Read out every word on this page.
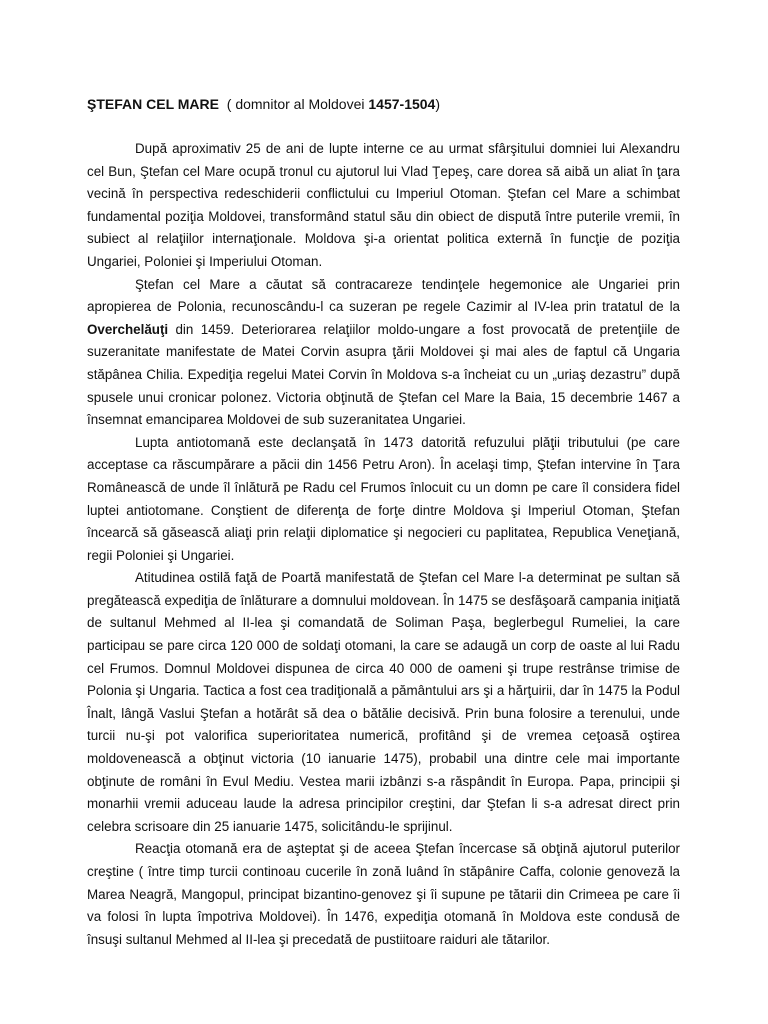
ŞTEFAN CEL MARE ( domnitor al Moldovei 1457-1504)

După aproximativ 25 de ani de lupte interne ce au urmat sfârşitului domniei lui Alexandru cel Bun, Ştefan cel Mare ocupă tronul cu ajutorul lui Vlad Ţepeş, care dorea să aibă un aliat în ţara vecină în perspectiva redeschiderii conflictului cu Imperiul Otoman. Ştefan cel Mare a schimbat fundamental poziţia Moldovei, transformând statul său din obiect de dispută între puterile vremii, în subiect al relaţiilor internaţionale. Moldova şi-a orientat politica externă în funcţie de poziţia Ungariei, Poloniei şi Imperiului Otoman.

Ştefan cel Mare a căutat să contracareze tendinţele hegemonice ale Ungariei prin apropierea de Polonia, recunoscându-l ca suzeran pe regele Cazimir al IV-lea prin tratatul de la Overchelăuţi din 1459. Deteriorarea relaţiilor moldo-ungare a fost provocată de pretenţiile de suzeranitate manifestate de Matei Corvin asupra ţării Moldovei şi mai ales de faptul că Ungaria stăpânea Chilia. Expediţia regelui Matei Corvin în Moldova s-a încheiat cu un „uriaş dezastru” după spusele unui cronicar polonez. Victoria obţinută de Ştefan cel Mare la Baia, 15 decembrie 1467 a însemnat emanciparea Moldovei de sub suzeranitatea Ungariei.

Lupta antiotomană este declanşată în 1473 datorită refuzului plăţii tributului (pe care acceptase ca răscumpărare a păcii din 1456 Petru Aron). În acelaşi timp, Ştefan intervine în Ţara Românească de unde îl înlătură pe Radu cel Frumos înlocuit cu un domn pe care îl considera fidel luptei antiotomane. Conştient de diferenţa de forţe dintre Moldova şi Imperiul Otoman, Ştefan încearcă să găsească aliaţi prin relaţii diplomatice şi negocieri cu paplitatea, Republica Veneţiană, regii Poloniei şi Ungariei.

Atitudinea ostilă faţă de Poartă manifestată de Ştefan cel Mare l-a determinat pe sultan să pregătească expediţia de înlăturare a domnului moldovean. În 1475 se desfăşoară campania iniţiată de sultanul Mehmed al II-lea şi comandată de Soliman Paşa, beglerbegul Rumeliei, la care participau se pare circa 120 000 de soldaţi otomani, la care se adaugă un corp de oaste al lui Radu cel Frumos. Domnul Moldovei dispunea de circa 40 000 de oameni şi trupe restrânse trimise de Polonia şi Ungaria. Tactica a fost cea tradiţională a pământului ars şi a hărţuirii, dar în 1475 la Podul Înalt, lângă Vaslui Ştefan a hotărât să dea o bătălie decisivă. Prin buna folosire a terenului, unde turcii nu-şi pot valorifica superioritatea numerică, profitând şi de vremea ceţoasă oştirea moldovenească a obţinut victoria (10 ianuarie 1475), probabil una dintre cele mai importante obţinute de români în Evul Mediu. Vestea marii izbânzi s-a răspândit în Europa. Papa, principii şi monarhii vremii aduceau laude la adresa principilor creştini, dar Ştefan li s-a adresat direct prin celebra scrisoare din 25 ianuarie 1475, solicitându-le sprijinul.

Reacţia otomană era de aşteptat şi de aceea Ştefan încercase să obţină ajutorul puterilor creştine ( între timp turcii continoau cucerile în zonă luând în stăpânire Caffa, colonie genoveză la Marea Neagră, Mangopul, principat bizantino-genovez şi îi supune pe tătarii din Crimeea pe care îi va folosi în lupta împotriva Moldovei). În 1476, expediţia otomană în Moldova este condusă de însuşi sultanul Mehmed al II-lea şi precedată de pustiitoare raiduri ale tătarilor.
